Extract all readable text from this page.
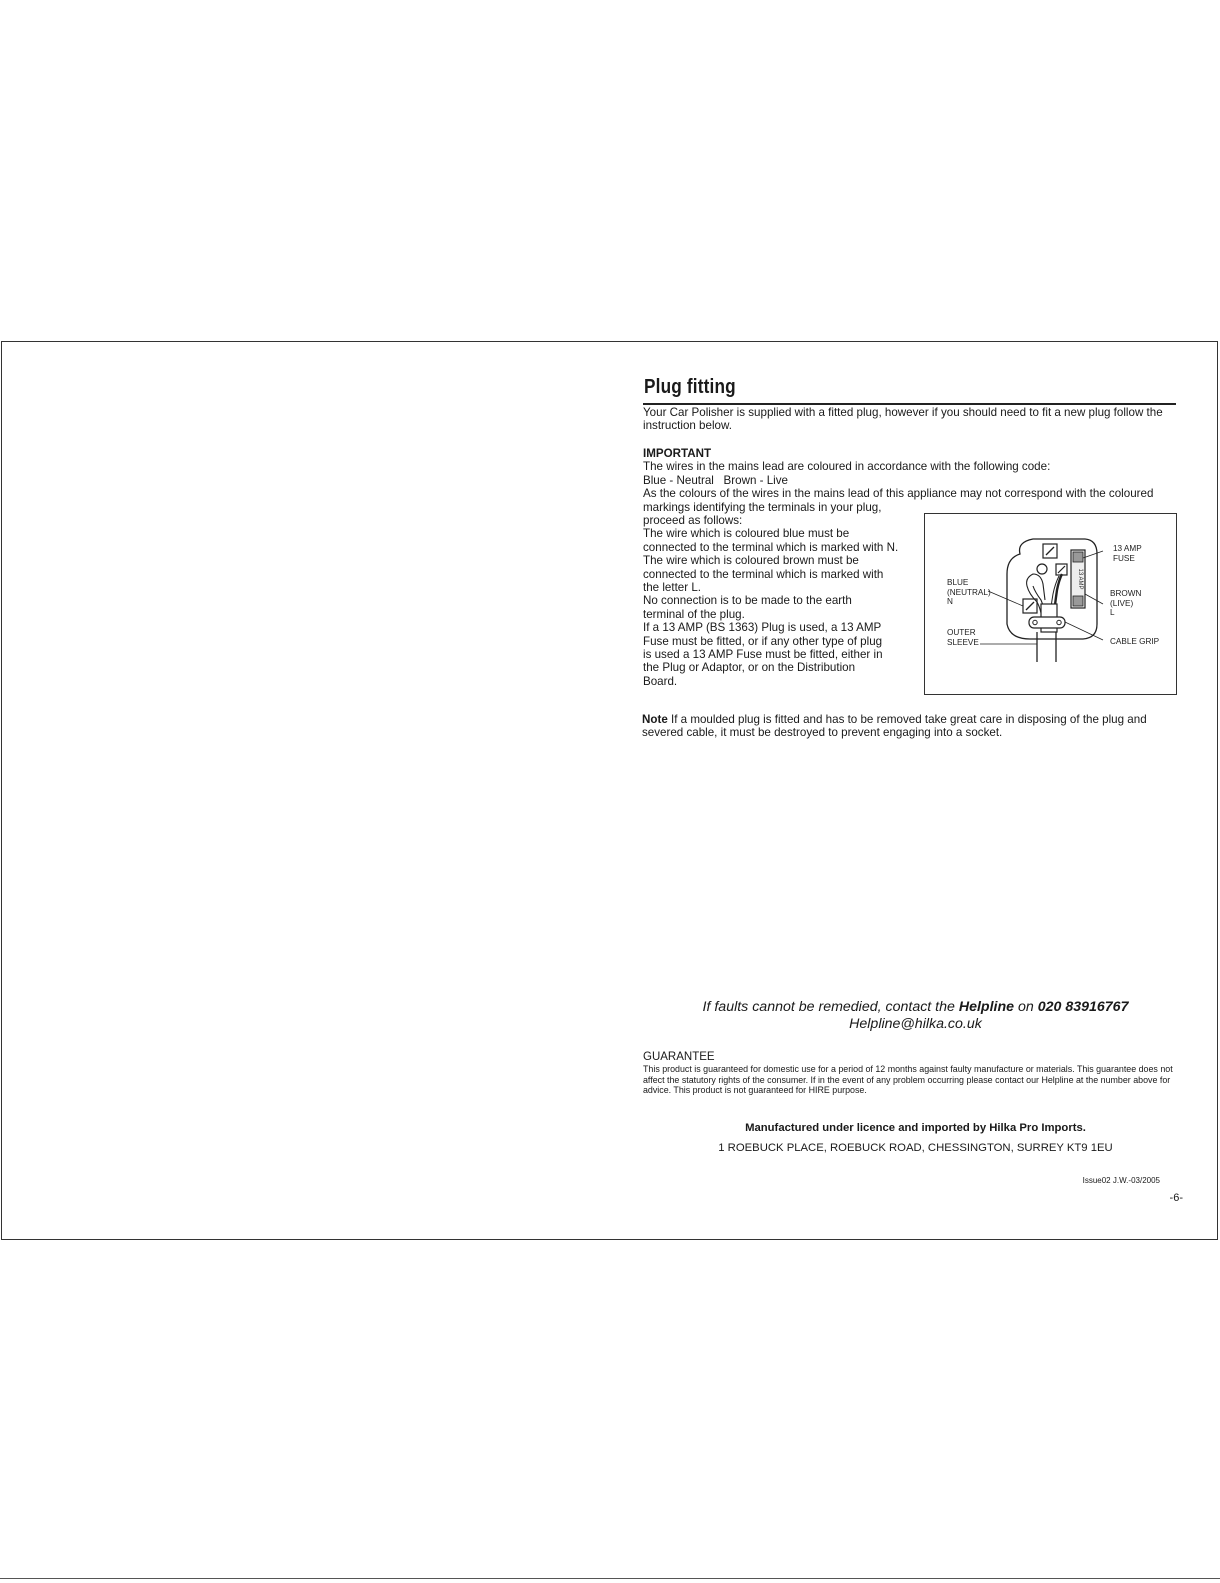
Plug fitting
Your Car Polisher is supplied with a fitted plug, however if you should need to fit a new plug follow the instruction below.
IMPORTANT
The wires in the mains lead are coloured in accordance with the following code:
Blue - Neutral   Brown - Live
As the colours of the wires in the mains lead of this appliance may not correspond with the coloured
markings identifying the terminals in your plug,
proceed as follows:
The wire which is coloured blue must be
connected to the terminal which is marked with N.
The wire which is coloured brown must be
connected to the terminal which is marked with
the letter L.
No connection is to be made to the earth
terminal of the plug.
If a 13 AMP (BS 1363) Plug is used, a 13 AMP
Fuse must be fitted, or if any other type of plug
is used a 13 AMP Fuse must be fitted, either in
the Plug or Adaptor, or on the Distribution
Board.
13 AMP
13 AMP
FUSE
BLUE
(NEUTRAL)
N
BROWN
(LIVE)
L
OUTER
SLEEVE	CABLE GRIP
Note If a moulded plug is fitted and has to be removed take great care in disposing of the plug and severed cable, it must be destroyed to prevent engaging into a socket.
If faults cannot be remedied, contact the Helpline on 020 83916767
Helpline@hilka.co.uk
GUARANTEE
This product is guaranteed for domestic use for a period of 12 months against faulty manufacture or materials. This guarantee does not affect the statutory rights of the consumer. If in the event of any problem occurring please contact our Helpline at the number above for advice. This product is not guaranteed for HIRE purpose.
Manufactured under licence and imported by Hilka Pro Imports.
1 ROEBUCK PLACE, ROEBUCK ROAD, CHESSINGTON, SURREY KT9 1EU
Issue02 J.W.-03/2005
-6-
